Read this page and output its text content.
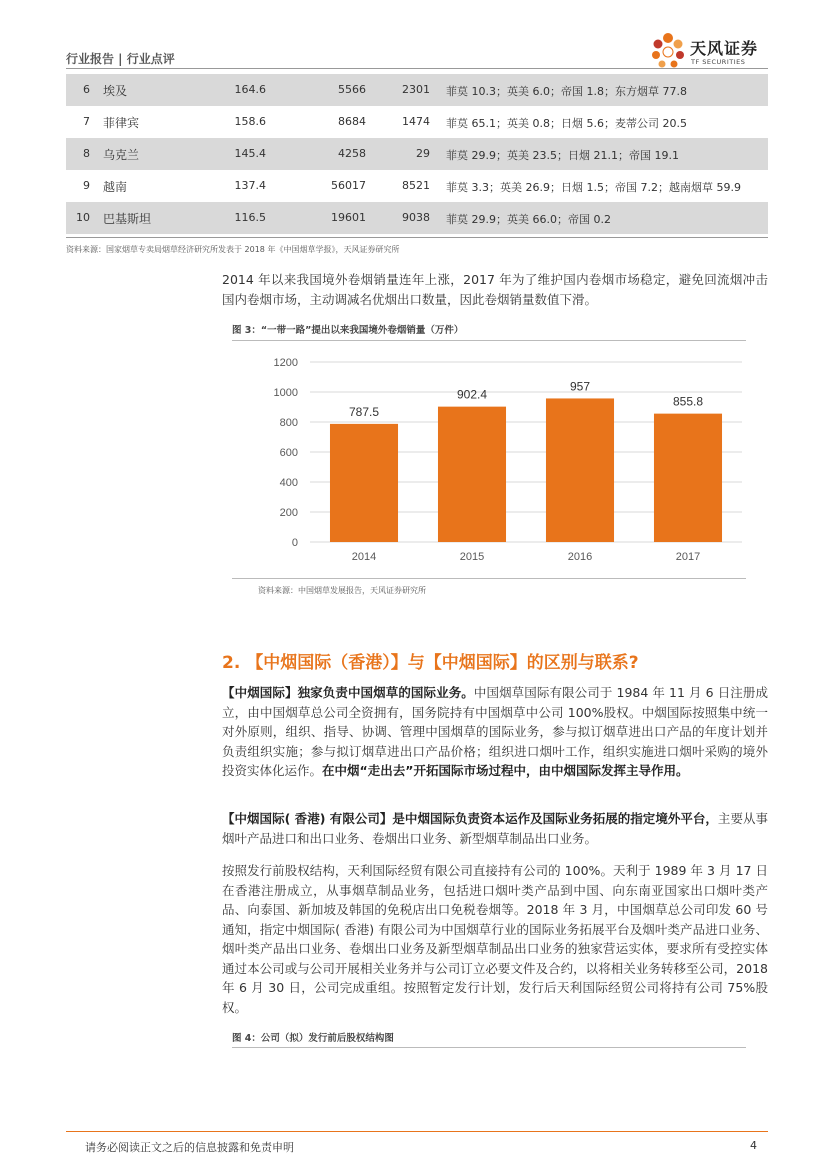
行业报告 | 行业点评
天风证券
TF SECURITIES
6 埃及	164.6	5566	2301 菲莫 10.3；英美 6.0；帝国 1.8；东方烟草 77.8
7 菲律宾	158.6	8684	1474 菲莫 65.1；英美 0.8；日烟 5.6；麦蒂公司 20.5
8 乌克兰	145.4	4258	29 菲莫 29.9；英美 23.5；日烟 21.1；帝国 19.1
9 越南	137.4	56017	8521 菲莫 3.3；英美 26.9；日烟 1.5；帝国 7.2；越南烟草 59.9
10 巴基斯坦	116.5	19601	9038 菲莫 29.9；英美 66.0；帝国 0.2
资料来源：国家烟草专卖局烟草经济研究所发表于 2018 年《中国烟草学报》，天风证券研究所
2014 年以来我国境外卷烟销量连年上涨，2017 年为了维护国内卷烟市场稳定，避免回流烟冲击国内卷烟市场，主动调减名优烟出口数量，因此卷烟销量数值下滑。
图 3：“一带一路”提出以来我国境外卷烟销量（万件）
0
200
400
600
800
1000
1200
787.5
2014
902.4
2015
957
2016
855.8
2017
资料来源：中国烟草发展报告，天风证券研究所
2. 【中烟国际（香港）】与【中烟国际】的区别与联系?
【中烟国际】独家负责中国烟草的国际业务。中国烟草国际有限公司于 1984 年 11 月 6 日注册成立，由中国烟草总公司全资拥有，国务院持有中国烟草中公司 100%股权。中烟国际按照集中统一对外原则，组织、指导、协调、管理中国烟草的国际业务，参与拟订烟草进出口产品的年度计划并负责组织实施；参与拟订烟草进出口产品价格；组织进口烟叶工作，组织实施进口烟叶采购的境外投资实体化运作。在中烟“走出去”开拓国际市场过程中，由中烟国际发挥主导作用。
【中烟国际( 香港) 有限公司】是中烟国际负责资本运作及国际业务拓展的指定境外平台，主要从事烟叶产品进口和出口业务、卷烟出口业务、新型烟草制品出口业务。
按照发行前股权结构，天利国际经贸有限公司直接持有公司的 100%。天利于 1989 年 3 月 17 日在香港注册成立，从事烟草制品业务，包括进口烟叶类产品到中国、向东南亚国家出口烟叶类产品、向泰国、新加坡及韩国的免税店出口免税卷烟等。2018 年 3 月，中国烟草总公司印发 60 号通知，指定中烟国际( 香港) 有限公司为中国烟草行业的国际业务拓展平台及烟叶类产品进口业务、烟叶类产品出口业务、卷烟出口业务及新型烟草制品出口业务的独家营运实体，要求所有受控实体通过本公司或与公司开展相关业务并与公司订立必要文件及合约，以将相关业务转移至公司，2018 年 6 月 30 日，公司完成重组。按照暂定发行计划，发行后天利国际经贸公司将持有公司 75%股权。
图 4：公司（拟）发行前后股权结构图
请务必阅读正文之后的信息披露和免责申明	4
